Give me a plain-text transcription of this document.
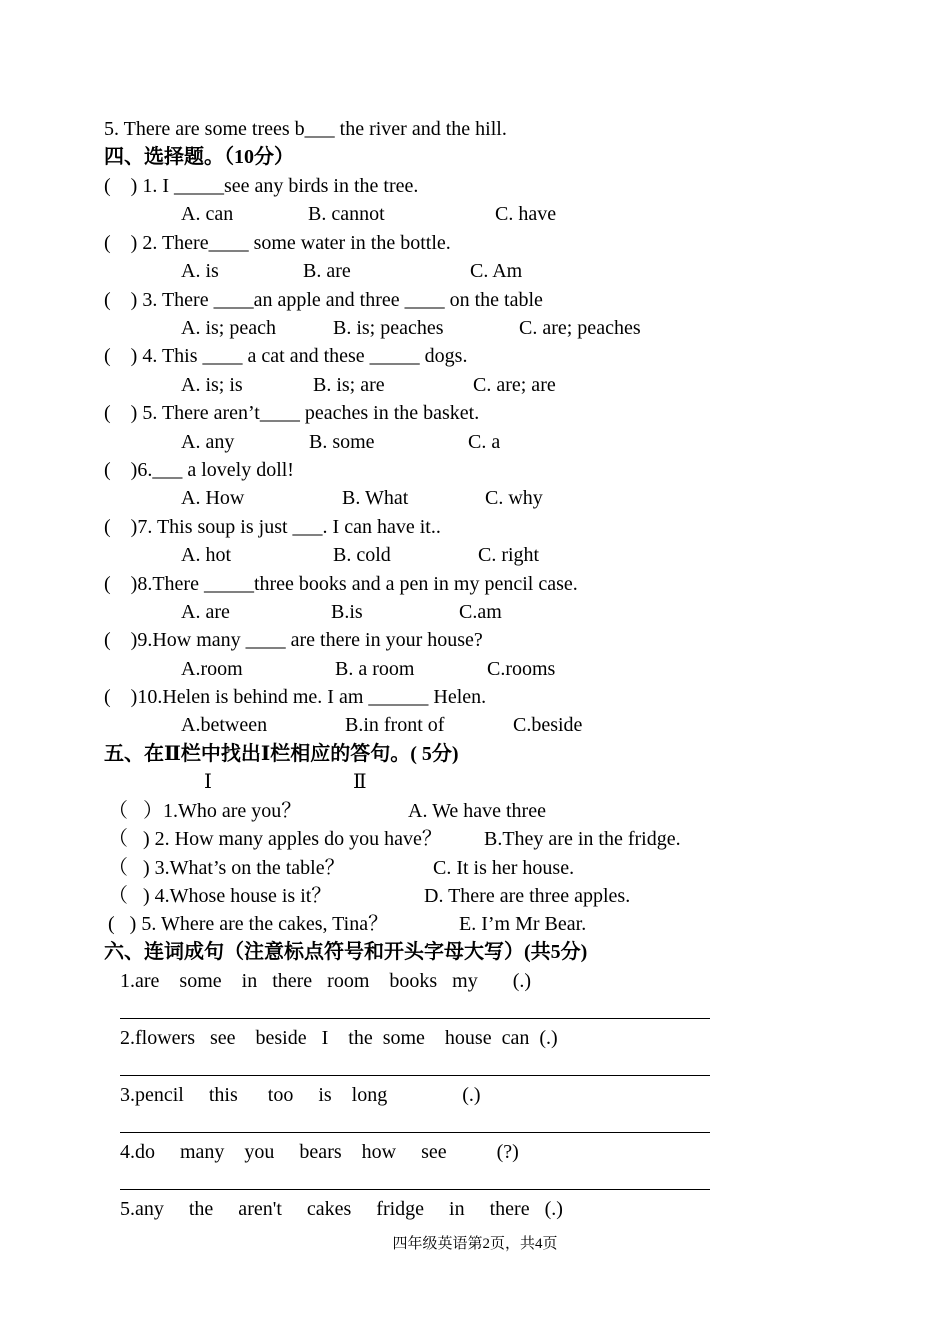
5. There are some trees b___ the river and the hill.
四、选择题。（10分）
(    ) 1. I _____see any birds in the tree.
A. can	B. cannot	C. have
(    ) 2. There____ some water in the bottle.
A. is	B. are	C. Am
(    ) 3. There ____an apple and three ____ on the table
A. is; peach	B. is; peaches	C. are; peaches
(    ) 4. This ____ a cat and these _____ dogs.
A. is; is	B. is; are	C. are; are
(    ) 5. There aren’t____ peaches in the basket.
A. any	B. some	C. a
(    )6.___ a lovely doll!
A. How	B. What	C. why
(    )7. This soup is just ___. I can have it..
A. hot	B. cold	C. right
(    )8.There _____three books and a pen in my pencil case.
A. are	B.is	C.am
(    )9.How many ____ are there in your house?
A.room	B. a room	C.rooms
(    )10.Helen is behind me. I am ______ Helen.
A.between	B.in front of	C.beside
五、在Ⅱ栏中找出Ⅰ栏相应的答句。( 5分)
Ⅰ	Ⅱ
（   ）1.Who are you？	A. We have three
（   ) 2. How many apples do you have？ B.They are in the fridge.
（   ) 3.What’s on the table？	C. It is her house.
（   ) 4.Whose house is it？	D. There are three apples.
(   ) 5. Where are the cakes, Tina？	E. I’m Mr Bear.
六、连词成句（注意标点符号和开头字母大写）(共5分)
1.are    some    in   there   room    books   my       (.)
2.flowers   see    beside   I    the  some    house  can  (.)
3.pencil     this      too     is    long               (.)
4.do     many    you     bears    how     see          (?)
5.any     the     aren't     cakes     fridge     in     there   (.)
四年级英语第2页，共4页
